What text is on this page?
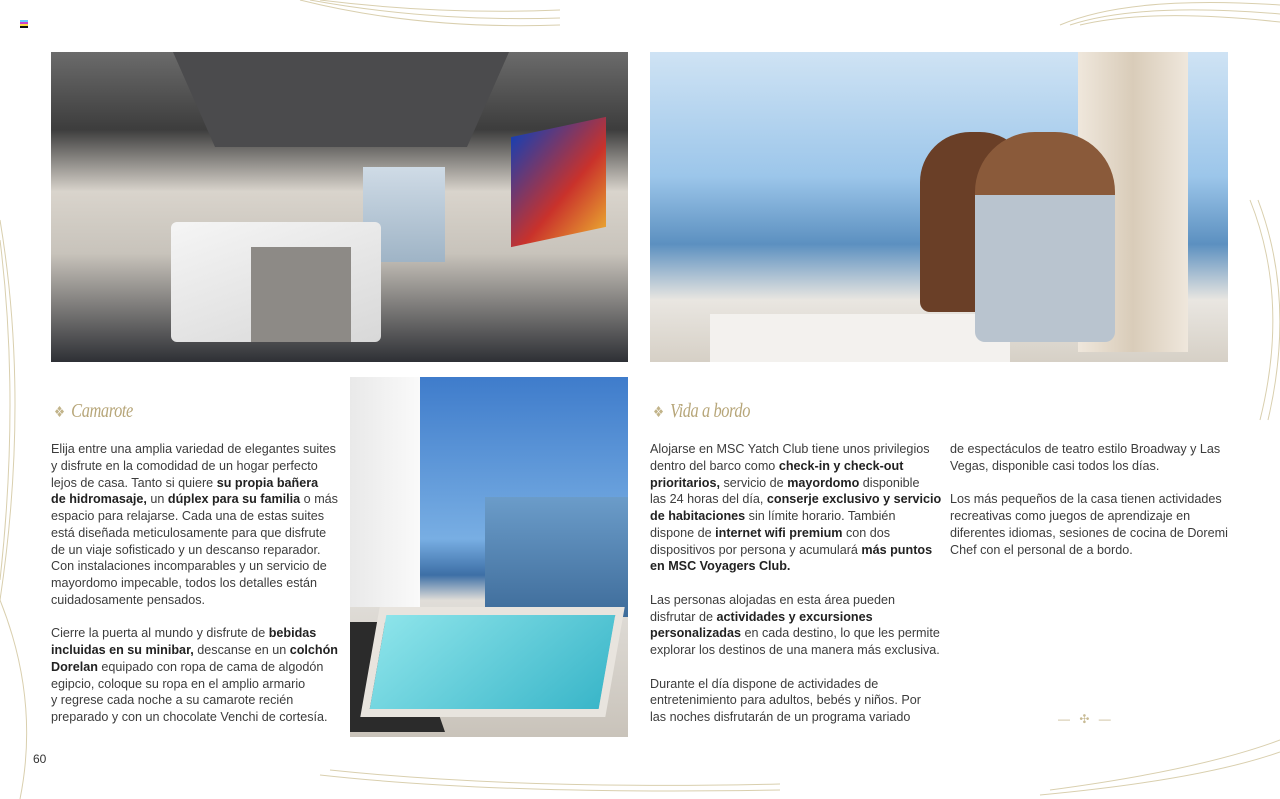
❖ Camarote
Elija entre una amplia variedad de elegantes suites
y disfrute en la comodidad de un hogar perfecto
lejos de casa. Tanto si quiere su propia bañera
de hidromasaje, un dúplex para su familia o más
espacio para relajarse. Cada una de estas suites
está diseñada meticulosamente para que disfrute
de un viaje sofisticado y un descanso reparador.
Con instalaciones incomparables y un servicio de
mayordomo impecable, todos los detalles están
cuidadosamente pensados.
Cierre la puerta al mundo y disfrute de bebidas
incluidas en su minibar, descanse en un colchón
Dorelan equipado con ropa de cama de algodón
egipcio, coloque su ropa en el amplio armario
y regrese cada noche a su camarote recién
preparado y con un chocolate Venchi de cortesía.
❖ Vida a bordo
Alojarse en MSC Yatch Club tiene unos privilegios
dentro del barco como check-in y check-out
prioritarios, servicio de mayordomo disponible
las 24 horas del día, conserje exclusivo y servicio
de habitaciones sin límite horario. También
dispone de internet wifi premium con dos
dispositivos por persona y acumulará más puntos
en MSC Voyagers Club.
Las personas alojadas en esta área pueden
disfrutar de actividades y excursiones
personalizadas en cada destino, lo que les permite
explorar los destinos de una manera más exclusiva.
Durante el día dispone de actividades de
entretenimiento para adultos, bebés y niños. Por
las noches disfrutarán de un programa variado
de espectáculos de teatro estilo Broadway y Las
Vegas, disponible casi todos los días.
Los más pequeños de la casa tienen actividades
recreativas como juegos de aprendizaje en
diferentes idiomas, sesiones de cocina de Doremi
Chef con el personal de a bordo.
— ✣ —
60
